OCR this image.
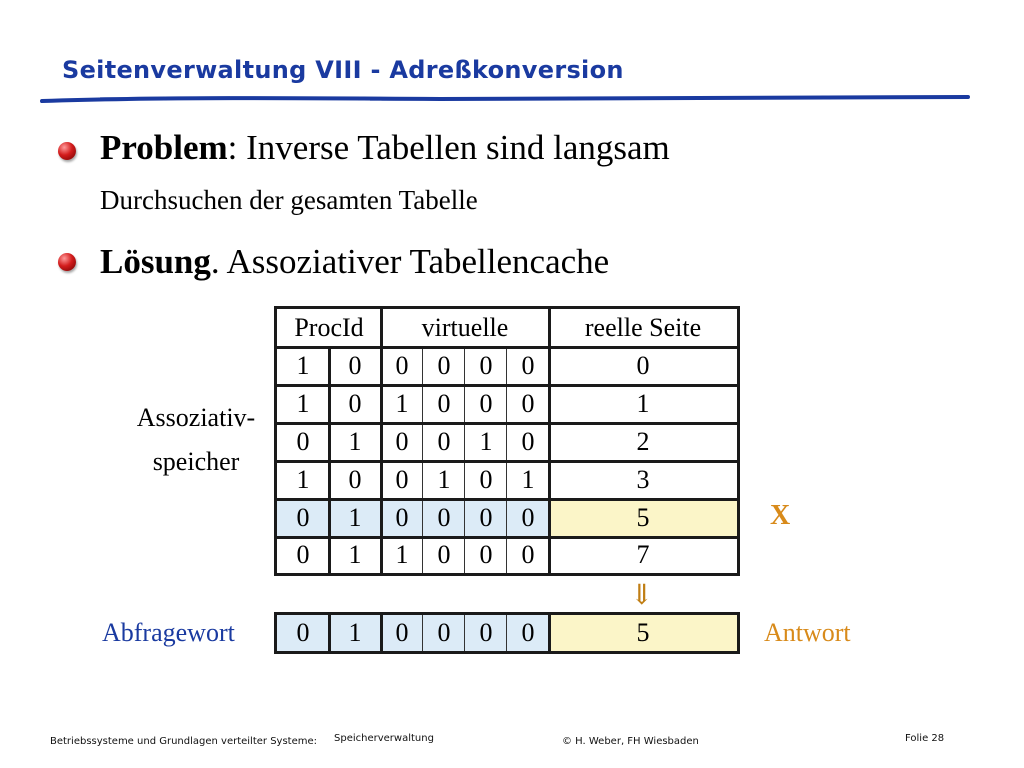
Seitenverwaltung VIII - Adreßkonversion
Problem: Inverse Tabellen sind langsam
Durchsuchen der gesamten Tabelle
Lösung. Assoziativer Tabellencache
Assoziativ-
speicher
ProcId	virtuelle	reelle Seite
1	0	0	0	0	0	0
1	0	1	0	0	0	1
0	1	0	0	1	0	2
1	0	0	1	0	1	3
0	1	0	0	0	0	5
0	1	1	0	0	0	7
X
⇓
Abfragewort	0	1	0	0	0	0	5	Antwort
Betriebssysteme und Grundlagen verteilter Systeme: Speicherverwaltung	© H. Weber, FH Wiesbaden	Folie 28
